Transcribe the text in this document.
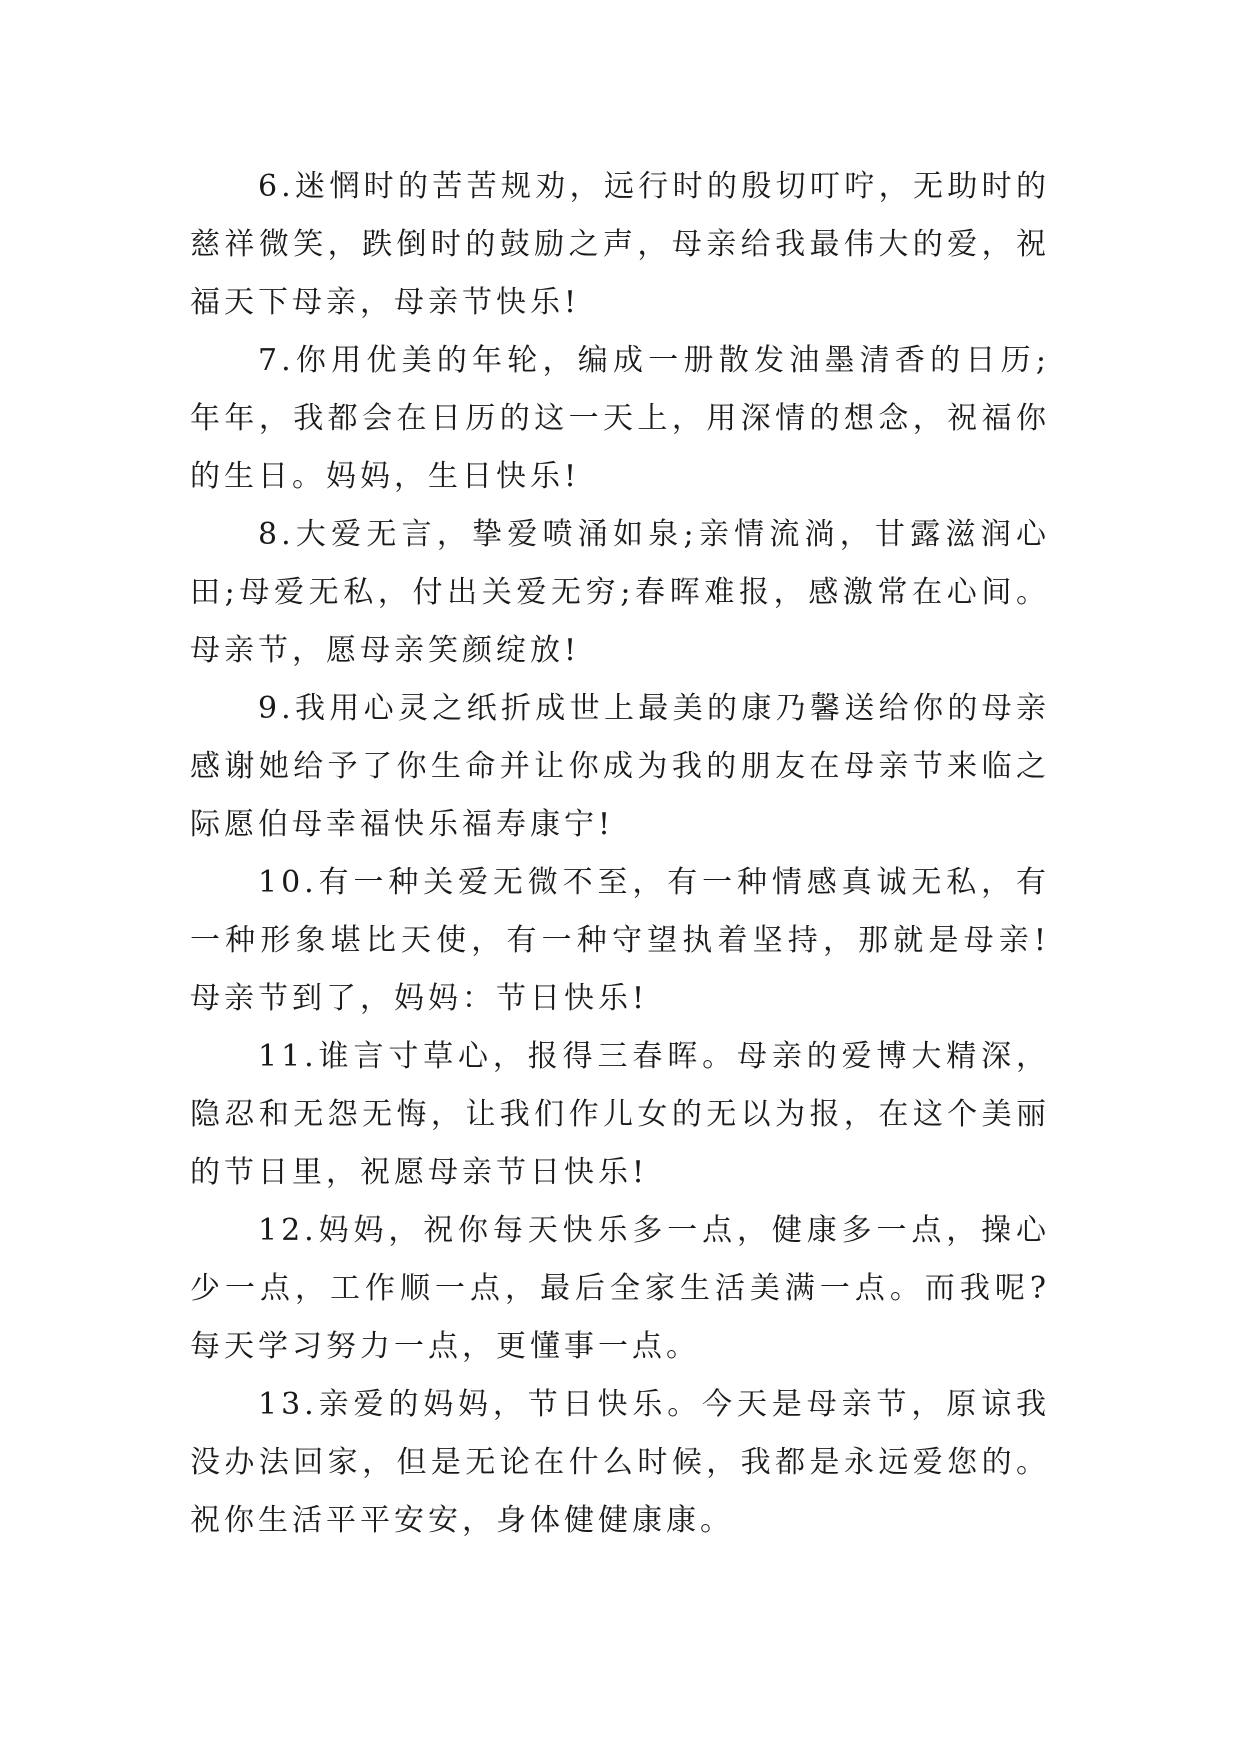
6.迷惘时的苦苦规劝，远行时的殷切叮咛，无助时的慈祥微笑，跌倒时的鼓励之声，母亲给我最伟大的爱，祝福天下母亲，母亲节快乐!

7.你用优美的年轮，编成一册散发油墨清香的日历;年年，我都会在日历的这一天上，用深情的想念，祝福你的生日。妈妈，生日快乐!

8.大爱无言，挚爱喷涌如泉;亲情流淌，甘露滋润心田;母爱无私，付出关爱无穷;春晖难报，感激常在心间。母亲节，愿母亲笑颜绽放!

9.我用心灵之纸折成世上最美的康乃馨送给你的母亲感谢她给予了你生命并让你成为我的朋友在母亲节来临之际愿伯母幸福快乐福寿康宁!

10.有一种关爱无微不至，有一种情感真诚无私，有一种形象堪比天使，有一种守望执着坚持，那就是母亲!母亲节到了，妈妈：节日快乐!

11.谁言寸草心，报得三春晖。母亲的爱博大精深，隐忍和无怨无悔，让我们作儿女的无以为报，在这个美丽的节日里，祝愿母亲节日快乐!

12.妈妈，祝你每天快乐多一点，健康多一点，操心少一点，工作顺一点，最后全家生活美满一点。而我呢?每天学习努力一点，更懂事一点。

13.亲爱的妈妈，节日快乐。今天是母亲节，原谅我没办法回家，但是无论在什么时候，我都是永远爱您的。祝你生活平平安安，身体健健康康。
